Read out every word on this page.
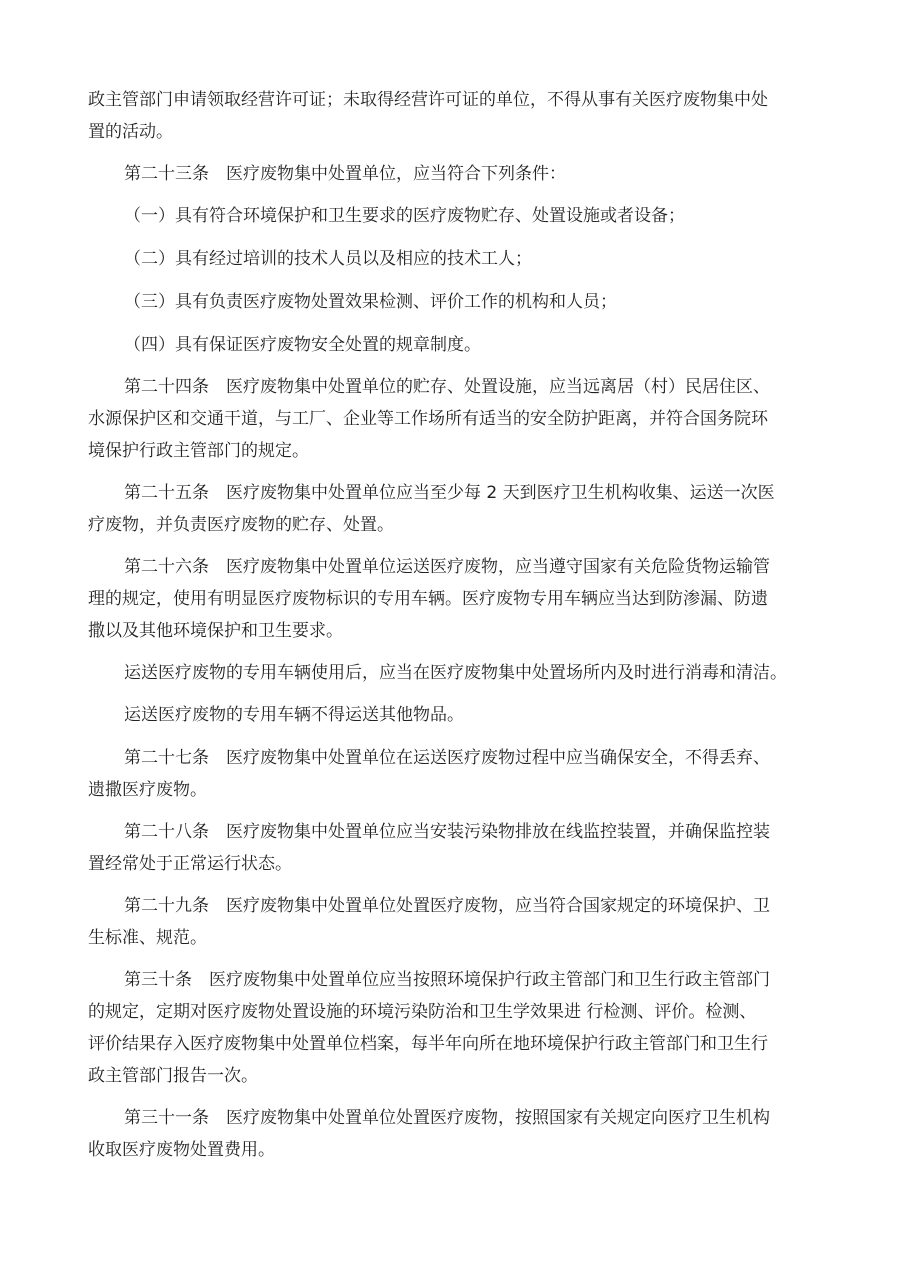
政主管部门申请领取经营许可证；未取得经营许可证的单位，不得从事有关医疗废物集中处
置的活动。
第二十三条　医疗废物集中处置单位，应当符合下列条件：
（一）具有符合环境保护和卫生要求的医疗废物贮存、处置设施或者设备；
（二）具有经过培训的技术人员以及相应的技术工人；
（三）具有负责医疗废物处置效果检测、评价工作的机构和人员；
（四）具有保证医疗废物安全处置的规章制度。
第二十四条　医疗废物集中处置单位的贮存、处置设施，应当远离居（村）民居住区、
水源保护区和交通干道，与工厂、企业等工作场所有适当的安全防护距离，并符合国务院环
境保护行政主管部门的规定。
第二十五条　医疗废物集中处置单位应当至少每 2 天到医疗卫生机构收集、运送一次医
疗废物，并负责医疗废物的贮存、处置。
第二十六条　医疗废物集中处置单位运送医疗废物，应当遵守国家有关危险货物运输管
理的规定，使用有明显医疗废物标识的专用车辆。医疗废物专用车辆应当达到防渗漏、防遗
撒以及其他环境保护和卫生要求。
运送医疗废物的专用车辆使用后，应当在医疗废物集中处置场所内及时进行消毒和清洁。
运送医疗废物的专用车辆不得运送其他物品。
第二十七条　医疗废物集中处置单位在运送医疗废物过程中应当确保安全，不得丢弃、
遗撒医疗废物。
第二十八条　医疗废物集中处置单位应当安装污染物排放在线监控装置，并确保监控装
置经常处于正常运行状态。
第二十九条　医疗废物集中处置单位处置医疗废物，应当符合国家规定的环境保护、卫
生标准、规范。
第三十条　医疗废物集中处置单位应当按照环境保护行政主管部门和卫生行政主管部门
的规定，定期对医疗废物处置设施的环境污染防治和卫生学效果进 行检测、评价。检测、
评价结果存入医疗废物集中处置单位档案，每半年向所在地环境保护行政主管部门和卫生行
政主管部门报告一次。
第三十一条　医疗废物集中处置单位处置医疗废物，按照国家有关规定向医疗卫生机构
收取医疗废物处置费用。
